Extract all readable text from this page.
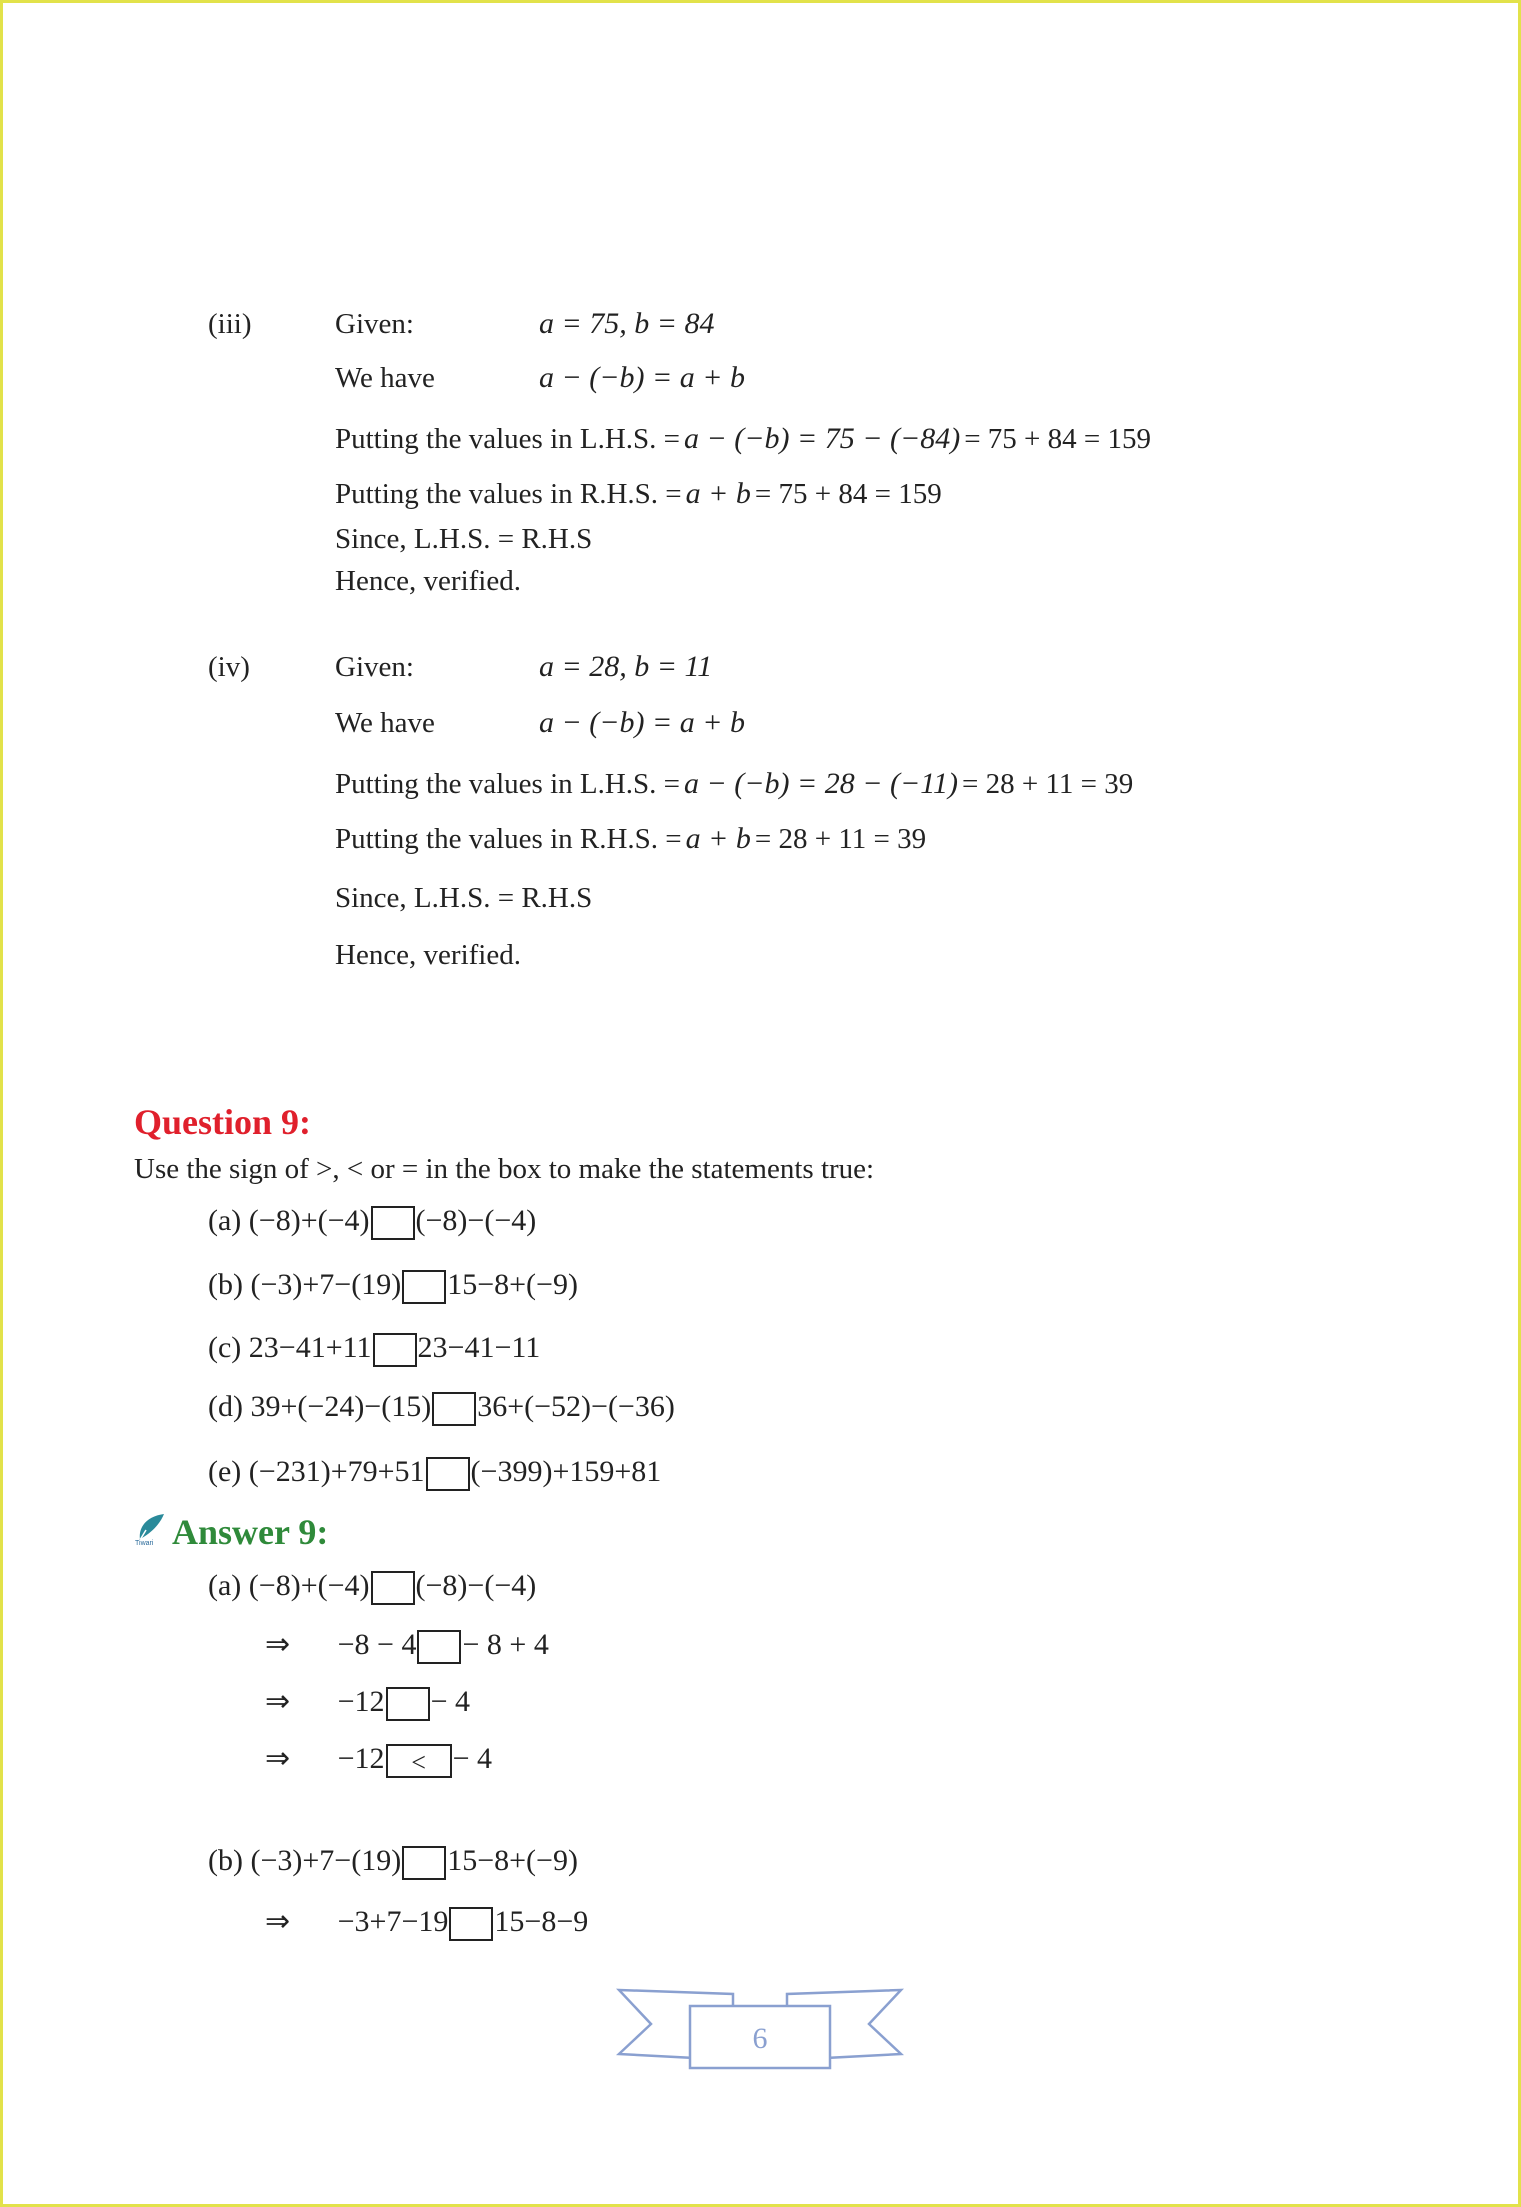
(iii)	Given:	a = 75, b = 84
We have	a − (−b) = a + b
Putting the values in L.H.S. = a − (−b) = 75 − (−84) = 75 + 84 = 159
Putting the values in R.H.S. = a + b = 75 + 84 = 159
Since, L.H.S. = R.H.S
Hence, verified.
(iv)	Given:	a = 28, b = 11
We have	a − (−b) = a + b
Putting the values in L.H.S. = a − (−b) = 28 − (−11) = 28 + 11 = 39
Putting the values in R.H.S. = a + b = 28 + 11 = 39
Since, L.H.S. = R.H.S
Hence, verified.
Question 9:
Use the sign of >, < or = in the box to make the statements true:
(a) (−8)+(−4) (−8)−(−4)
(b) (−3)+7−(19) 15−8+(−9)
(c) 23−41+11 23−41−11
(d) 39+(−24)−(15) 36+(−52)−(−36)
(e) (−231)+79+51 (−399)+159+81
Tiwari Answer 9:
(a) (−8)+(−4) (−8)−(−4)
⇒ −8 − 4 − 8 + 4
⇒ −12 − 4
⇒ −12 < − 4
(b) (−3)+7−(19) 15−8+(−9)
⇒ −3+7−19 15−8−9
6
